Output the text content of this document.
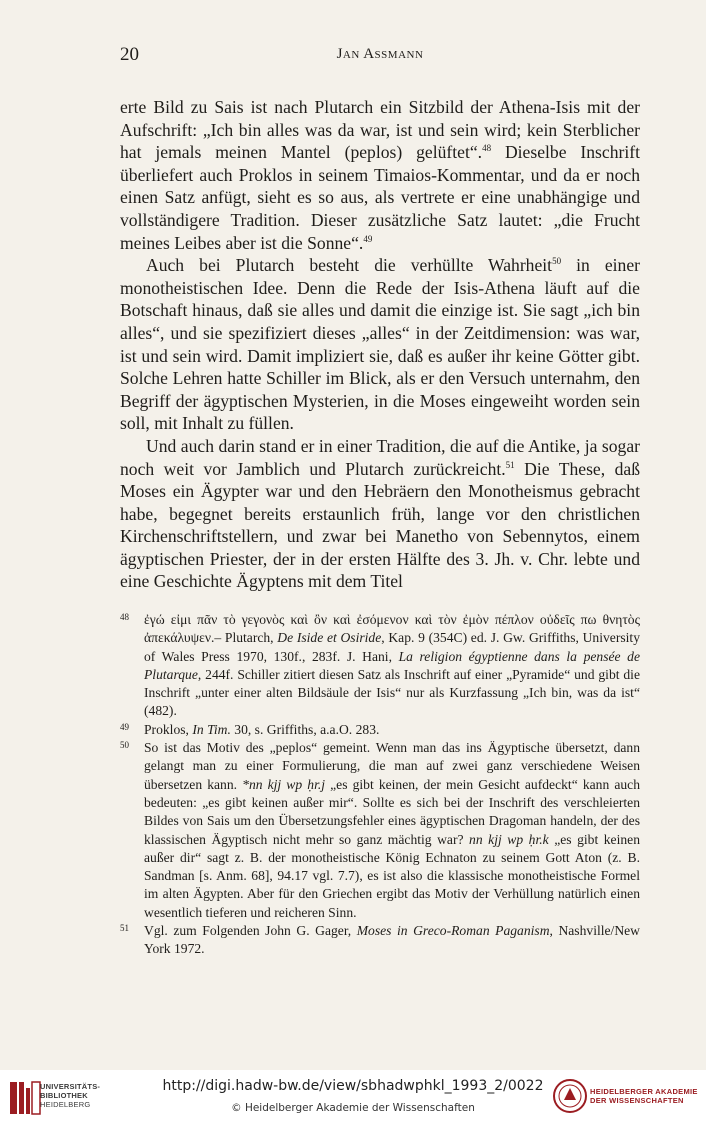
20	Jan Assmann

erte Bild zu Sais ist nach Plutarch ein Sitzbild der Athena-Isis mit der Aufschrift: „Ich bin alles was da war, ist und sein wird; kein Sterblicher hat jemals meinen Mantel (peplos) gelüftet“.$^{48}$ Dieselbe Inschrift überliefert auch Proklos in seinem Timaios-Kommentar, und da er noch einen Satz anfügt, sieht es so aus, als vertrete er eine unabhängige und vollständigere Tradition. Dieser zusätzliche Satz lautet: „die Frucht meines Leibes aber ist die Sonne“.$^{49}$

Auch bei Plutarch besteht die verhüllte Wahrheit$^{50}$ in einer monotheistischen Idee. Denn die Rede der Isis-Athena läuft auf die Botschaft hinaus, daß sie alles und damit die einzige ist. Sie sagt „ich bin alles“, und sie spezifiziert dieses „alles“ in der Zeitdimension: was war, ist und sein wird. Damit impliziert sie, daß es außer ihr keine Götter gibt. Solche Lehren hatte Schiller im Blick, als er den Versuch unternahm, den Begriff der ägyptischen Mysterien, in die Moses eingeweiht worden sein soll, mit Inhalt zu füllen.

Und auch darin stand er in einer Tradition, die auf die Antike, ja sogar noch weit vor Jamblich und Plutarch zurückreicht.$^{51}$ Die These, daß Moses ein Ägypter war und den Hebräern den Monotheismus gebracht habe, begegnet bereits erstaunlich früh, lange vor den christlichen Kirchenschriftstellern, und zwar bei Manetho von Sebennytos, einem ägyptischen Priester, der in der ersten Hälfte des 3. Jh. v. Chr. lebte und eine Geschichte Ägyptens mit dem Titel

48 ἐγώ εἰμι πᾶν τὸ γεγονὸς καὶ ὂν καὶ ἐσόμενον καὶ τὸν ἐμὸν πέπλον οὐδεῖς πω θνητὸς ἀπεκάλυψεν.– Plutarch, De Iside et Osiride, Kap. 9 (354C) ed. J. Gw. Griffiths, University of Wales Press 1970, 130f., 283f. J. Hani, La religion égyptienne dans la pensée de Plutarque, 244f. Schiller zitiert diesen Satz als Inschrift auf einer „Pyramide“ und gibt die Inschrift „unter einer alten Bildsäule der Isis“ nur als Kurzfassung „Ich bin, was da ist“ (482).
49 Proklos, In Tim. 30, s. Griffiths, a.a.O. 283.
50 So ist das Motiv des „peplos“ gemeint. Wenn man das ins Ägyptische übersetzt, dann gelangt man zu einer Formulierung, die man auf zwei ganz verschiedene Weisen übersetzen kann. *nn kjj wp ḥr.j „es gibt keinen, der mein Gesicht aufdeckt“ kann auch bedeuten: „es gibt keinen außer mir“. Sollte es sich bei der Inschrift des verschleierten Bildes von Sais um den Übersetzungsfehler eines ägyptischen Dragoman handeln, der des klassischen Ägyptisch nicht mehr so ganz mächtig war? nn kjj wp ḥr.k „es gibt keinen außer dir“ sagt z. B. der monotheistische König Echnaton zu seinem Gott Aton (z. B. Sandman [s. Anm. 68], 94.17 vgl. 7.7), es ist also die klassische monotheistische Formel im alten Ägypten. Aber für den Griechen ergibt das Motiv der Verhüllung natürlich einen wesentlich tieferen und reicheren Sinn.
51 Vgl. zum Folgenden John G. Gager, Moses in Greco-Roman Paganism, Nashville/New York 1972.
UNIVERSITÄTS-
BIBLIOTHEK
HEIDELBERG
http://digi.hadw-bw.de/view/sbhadwphkl_1993_2/0022
© Heidelberger Akademie der Wissenschaften
HEIDELBERGER AKADEMIE
DER WISSENSCHAFTEN
